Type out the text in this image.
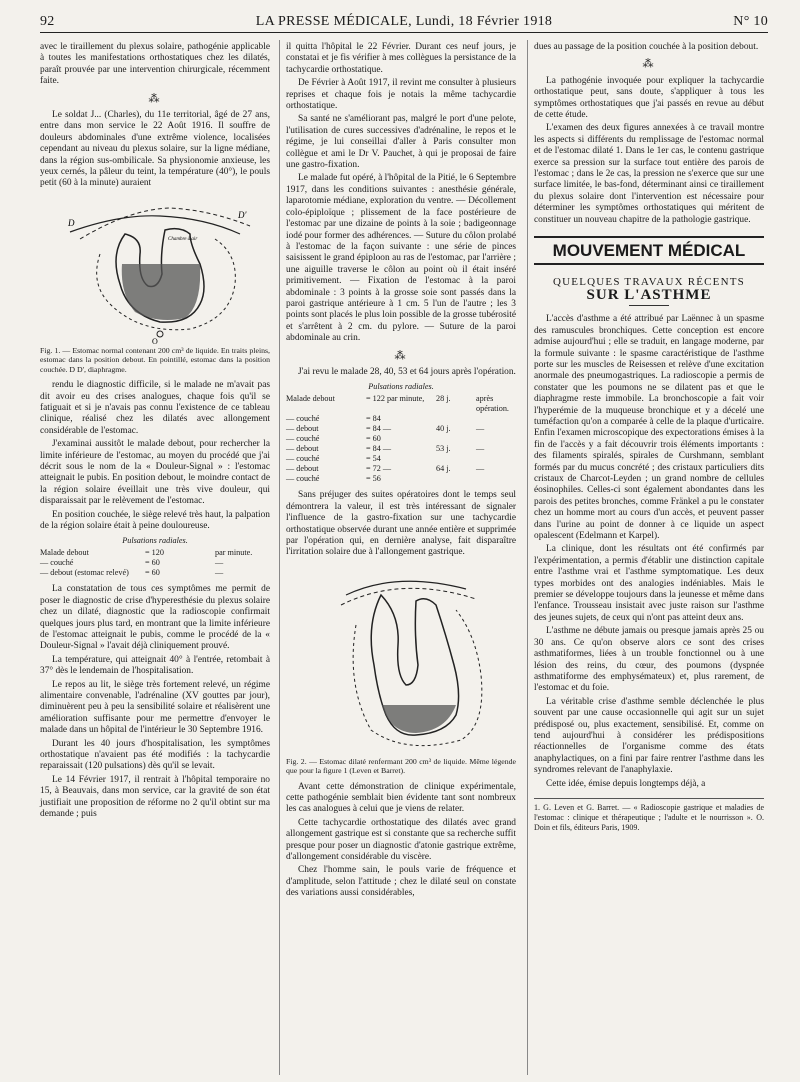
92	LA PRESSE MÉDICALE, Lundi, 18 Février 1918	N° 10

avec le tiraillement du plexus solaire, pathogénie applicable à toutes les manifestations orthostatiques chez les dilatés, paraît prouvée par une intervention chirurgicale, récemment faite.

⁂

Le soldat J... (Charles), du 11e territorial, âgé de 27 ans, entre dans mon service le 22 Août 1916. Il souffre de douleurs abdominales d'une extrême violence, localisées cependant au niveau du plexus solaire, sur la ligne médiane, dans la région sus-ombilicale. Sa physionomie anxieuse, les yeux cernés, la pâleur du teint, la température (40°), le pouls petit (60 à la minute) auraient

D
D'
Chambre à air
O
Fig. 1. — Estomac normal contenant 200 cm³ de liquide. En traits pleins, estomac dans la position debout. En pointillé, estomac dans la position couchée. D D', diaphragme.

rendu le diagnostic difficile, si le malade ne m'avait pas dit avoir eu des crises analogues, chaque fois qu'il se fatiguait et si je n'avais pas connu l'existence de ce tableau clinique, réalisé chez les dilatés avec allongement considérable de l'estomac.

J'examinai aussitôt le malade debout, pour rechercher la limite inférieure de l'estomac, au moyen du procédé que j'ai décrit sous le nom de la « Douleur-Signal » : l'estomac atteignait le pubis. En position debout, le moindre contact de la région solaire éveillait une très vive douleur, qui disparaissait par le relèvement de l'estomac.

En position couchée, le siège relevé très haut, la palpation de la région solaire était à peine douloureuse.

Pulsations radiales.
Malade debout	= 120	par minute.
— couché	= 60	—
— debout (estomac relevé)	= 60	—

La constatation de tous ces symptômes me permit de poser le diagnostic de crise d'hyperesthésie du plexus solaire chez un dilaté, diagnostic que la radioscopie confirmait quelques jours plus tard, en montrant que la limite inférieure de l'estomac atteignait le pubis, comme le procédé de la « Douleur-Signal » l'avait déjà cliniquement prouvé.

La température, qui atteignait 40° à l'entrée, retombait à 37° dès le lendemain de l'hospitalisation.

Le repos au lit, le siège très fortement relevé, un régime alimentaire convenable, l'adrénaline (XV gouttes par jour), diminuèrent peu à peu la sensibilité solaire et réalisèrent une amélioration suffisante pour me permettre d'envoyer le malade dans un hôpital de l'intérieur le 30 Septembre 1916.

Durant les 40 jours d'hospitalisation, les symptômes orthostatique n'avaient pas été modifiés : la tachycardie reparaissait (120 pulsations) dès qu'il se levait.

Le 14 Février 1917, il rentrait à l'hôpital temporaire no 15, à Beauvais, dans mon service, car la gravité de son état justifiait une proposition de réforme no 2 qu'il obtint sur ma demande ; puis

il quitta l'hôpital le 22 Février. Durant ces neuf jours, je constatai et je fis vérifier à mes collègues la persistance de la tachycardie orthostatique.

De Février à Août 1917, il revint me consulter à plusieurs reprises et chaque fois je notais la même tachycardie orthostatique.

Sa santé ne s'améliorant pas, malgré le port d'une pelote, l'utilisation de cures successives d'adrénaline, le repos et le régime, je lui conseillai d'aller à Paris consulter mon collègue et ami le Dr V. Pauchet, à qui je proposai de faire une gastro-fixation.

Le malade fut opéré, à l'hôpital de la Pitié, le 6 Septembre 1917, dans les conditions suivantes : anesthésie générale, laparotomie médiane, exploration du ventre. — Décollement colo-épiploïque ; plissement de la face postérieure de l'estomac par une dizaine de points à la soie ; badigeonnage iodé pour former des adhérences. — Suture du côlon prolabé à l'estomac de la façon suivante : une série de pinces saisissent le grand épiploon au ras de l'estomac, par l'arrière ; une aiguille traverse le côlon au point où il était inséré primitivement. — Fixation de l'estomac à la paroi abdominale : 3 points à la grosse soie sont passés dans la paroi gastrique antérieure à 1 cm. 5 l'un de l'autre ; les 3 points sont placés le plus loin possible de la grosse tubérosité et s'arrêtent à 2 cm. du pylore. — Suture de la paroi abdominale au crin.

⁂

J'ai revu le malade 28, 40, 53 et 64 jours après l'opération.

Pulsations radiales.
Malade debout	= 122 par minute,	28 j.	après opération.
— couché	= 84
— debout	= 84 —	40 j.	—
— couché	= 60
— debout	= 84 —	53 j.	—
— couché	= 54
— debout	= 72 —	64 j.	—
— couché	= 56

Sans préjuger des suites opératoires dont le temps seul démontrera la valeur, il est très intéressant de signaler l'influence de la gastro-fixation sur une tachycardie orthostatique observée durant une année entière et supprimée par l'opération qui, en dernière analyse, fait disparaître l'irritation solaire due à l'allongement gastrique.

Fig. 2. — Estomac dilaté renfermant 200 cm³ de liquide. Même légende que pour la figure 1 (Leven et Barret).

Avant cette démonstration de clinique expérimentale, cette pathogénie semblait bien évidente tant sont nombreux les cas analogues à celui que je viens de relater.

Cette tachycardie orthostatique des dilatés avec grand allongement gastrique est si constante que sa recherche suffit presque pour poser un diagnostic d'atonie gastrique extrême, d'allongement considérable du viscère.

Chez l'homme sain, le pouls varie de fréquence et d'amplitude, selon l'attitude ; chez le dilaté seul on constate des variations aussi considérables,

dues au passage de la position couchée à la position debout.

⁂

La pathogénie invoquée pour expliquer la tachycardie orthostatique peut, sans doute, s'appliquer à tous les symptômes orthostatiques que j'ai passés en revue au début de cette étude.

L'examen des deux figures annexées à ce travail montre les aspects si différents du remplissage de l'estomac normal et de l'estomac dilaté 1. Dans le 1er cas, le contenu gastrique exerce sa pression sur la surface tout entière des parois de l'estomac ; dans le 2e cas, la pression ne s'exerce que sur une surface limitée, le bas-fond, déterminant ainsi ce tiraillement du plexus solaire dont l'intervention est nécessaire pour déterminer les symptômes orthostatiques qui méritent de constituer un nouveau chapitre de la pathologie gastrique.

MOUVEMENT MÉDICAL
QUELQUES TRAVAUX RÉCENTS
SUR L'ASTHME

L'accès d'asthme a été attribué par Laënnec à un spasme des ramuscules bronchiques. Cette conception est encore admise aujourd'hui ; elle se traduit, en langage moderne, par la formule suivante : le spasme caractéristique de l'asthme porte sur les muscles de Reisessen et relève d'une excitation anormale des pneumogastriques. La radioscopie a permis de constater que les poumons ne se dilatent pas et que le diaphragme reste immobile. La bronchoscopie a fait voir l'hyperémie de la muqueuse bronchique et y a décelé une tuméfaction qu'on a comparée à celle de la plaque d'urticaire. Enfin l'examen microscopique des expectorations émises à la fin de l'accès y a fait découvrir trois éléments importants : des filaments spiralés, spirales de Curshmann, semblant formés par du mucus concrété ; des cristaux particuliers dits cristaux de Charcot-Leyden ; un grand nombre de cellules éosinophiles. Celles-ci sont également abondantes dans les parois des petites bronches, comme Fränkel a pu le constater chez un homme mort au cours d'un accès, et peuvent passer dans l'urine au point de donner à ce liquide un aspect opalescent (Edelmann et Karpel).

La clinique, dont les résultats ont été confirmés par l'expérimentation, a permis d'établir une distinction capitale entre l'asthme vrai et l'asthme symptomatique. Les deux types morbides ont des analogies indéniables. Mais le premier se développe toujours dans la jeunesse et même dans l'enfance. Trousseau insistait avec juste raison sur l'asthme des jeunes sujets, de ceux qui n'ont pas atteint deux ans.

L'asthme ne débute jamais ou presque jamais après 25 ou 30 ans. Ce qu'on observe alors ce sont des crises asthmatiformes, liées à un trouble fonctionnel ou à une lésion des reins, du cœur, des poumons (dyspnée asthmatiforme des emphysémateux) et, plus rarement, de l'estomac et du foie.

La véritable crise d'asthme semble déclenchée le plus souvent par une cause occasionnelle qui agit sur un sujet prédisposé ou, plus exactement, sensibilisé. Et, comme on tend aujourd'hui à considérer les prédispositions réactionnelles de l'organisme comme des états anaphylactiques, on a fini par faire rentrer l'asthme dans les syndromes relevant de l'anaphylaxie.

Cette idée, émise depuis longtemps déjà, a

1. G. Leven et G. Barret. — « Radioscopie gastrique et maladies de l'estomac : clinique et thérapeutique ; l'adulte et le nourrisson ». O. Doin et fils, éditeurs Paris, 1909.
